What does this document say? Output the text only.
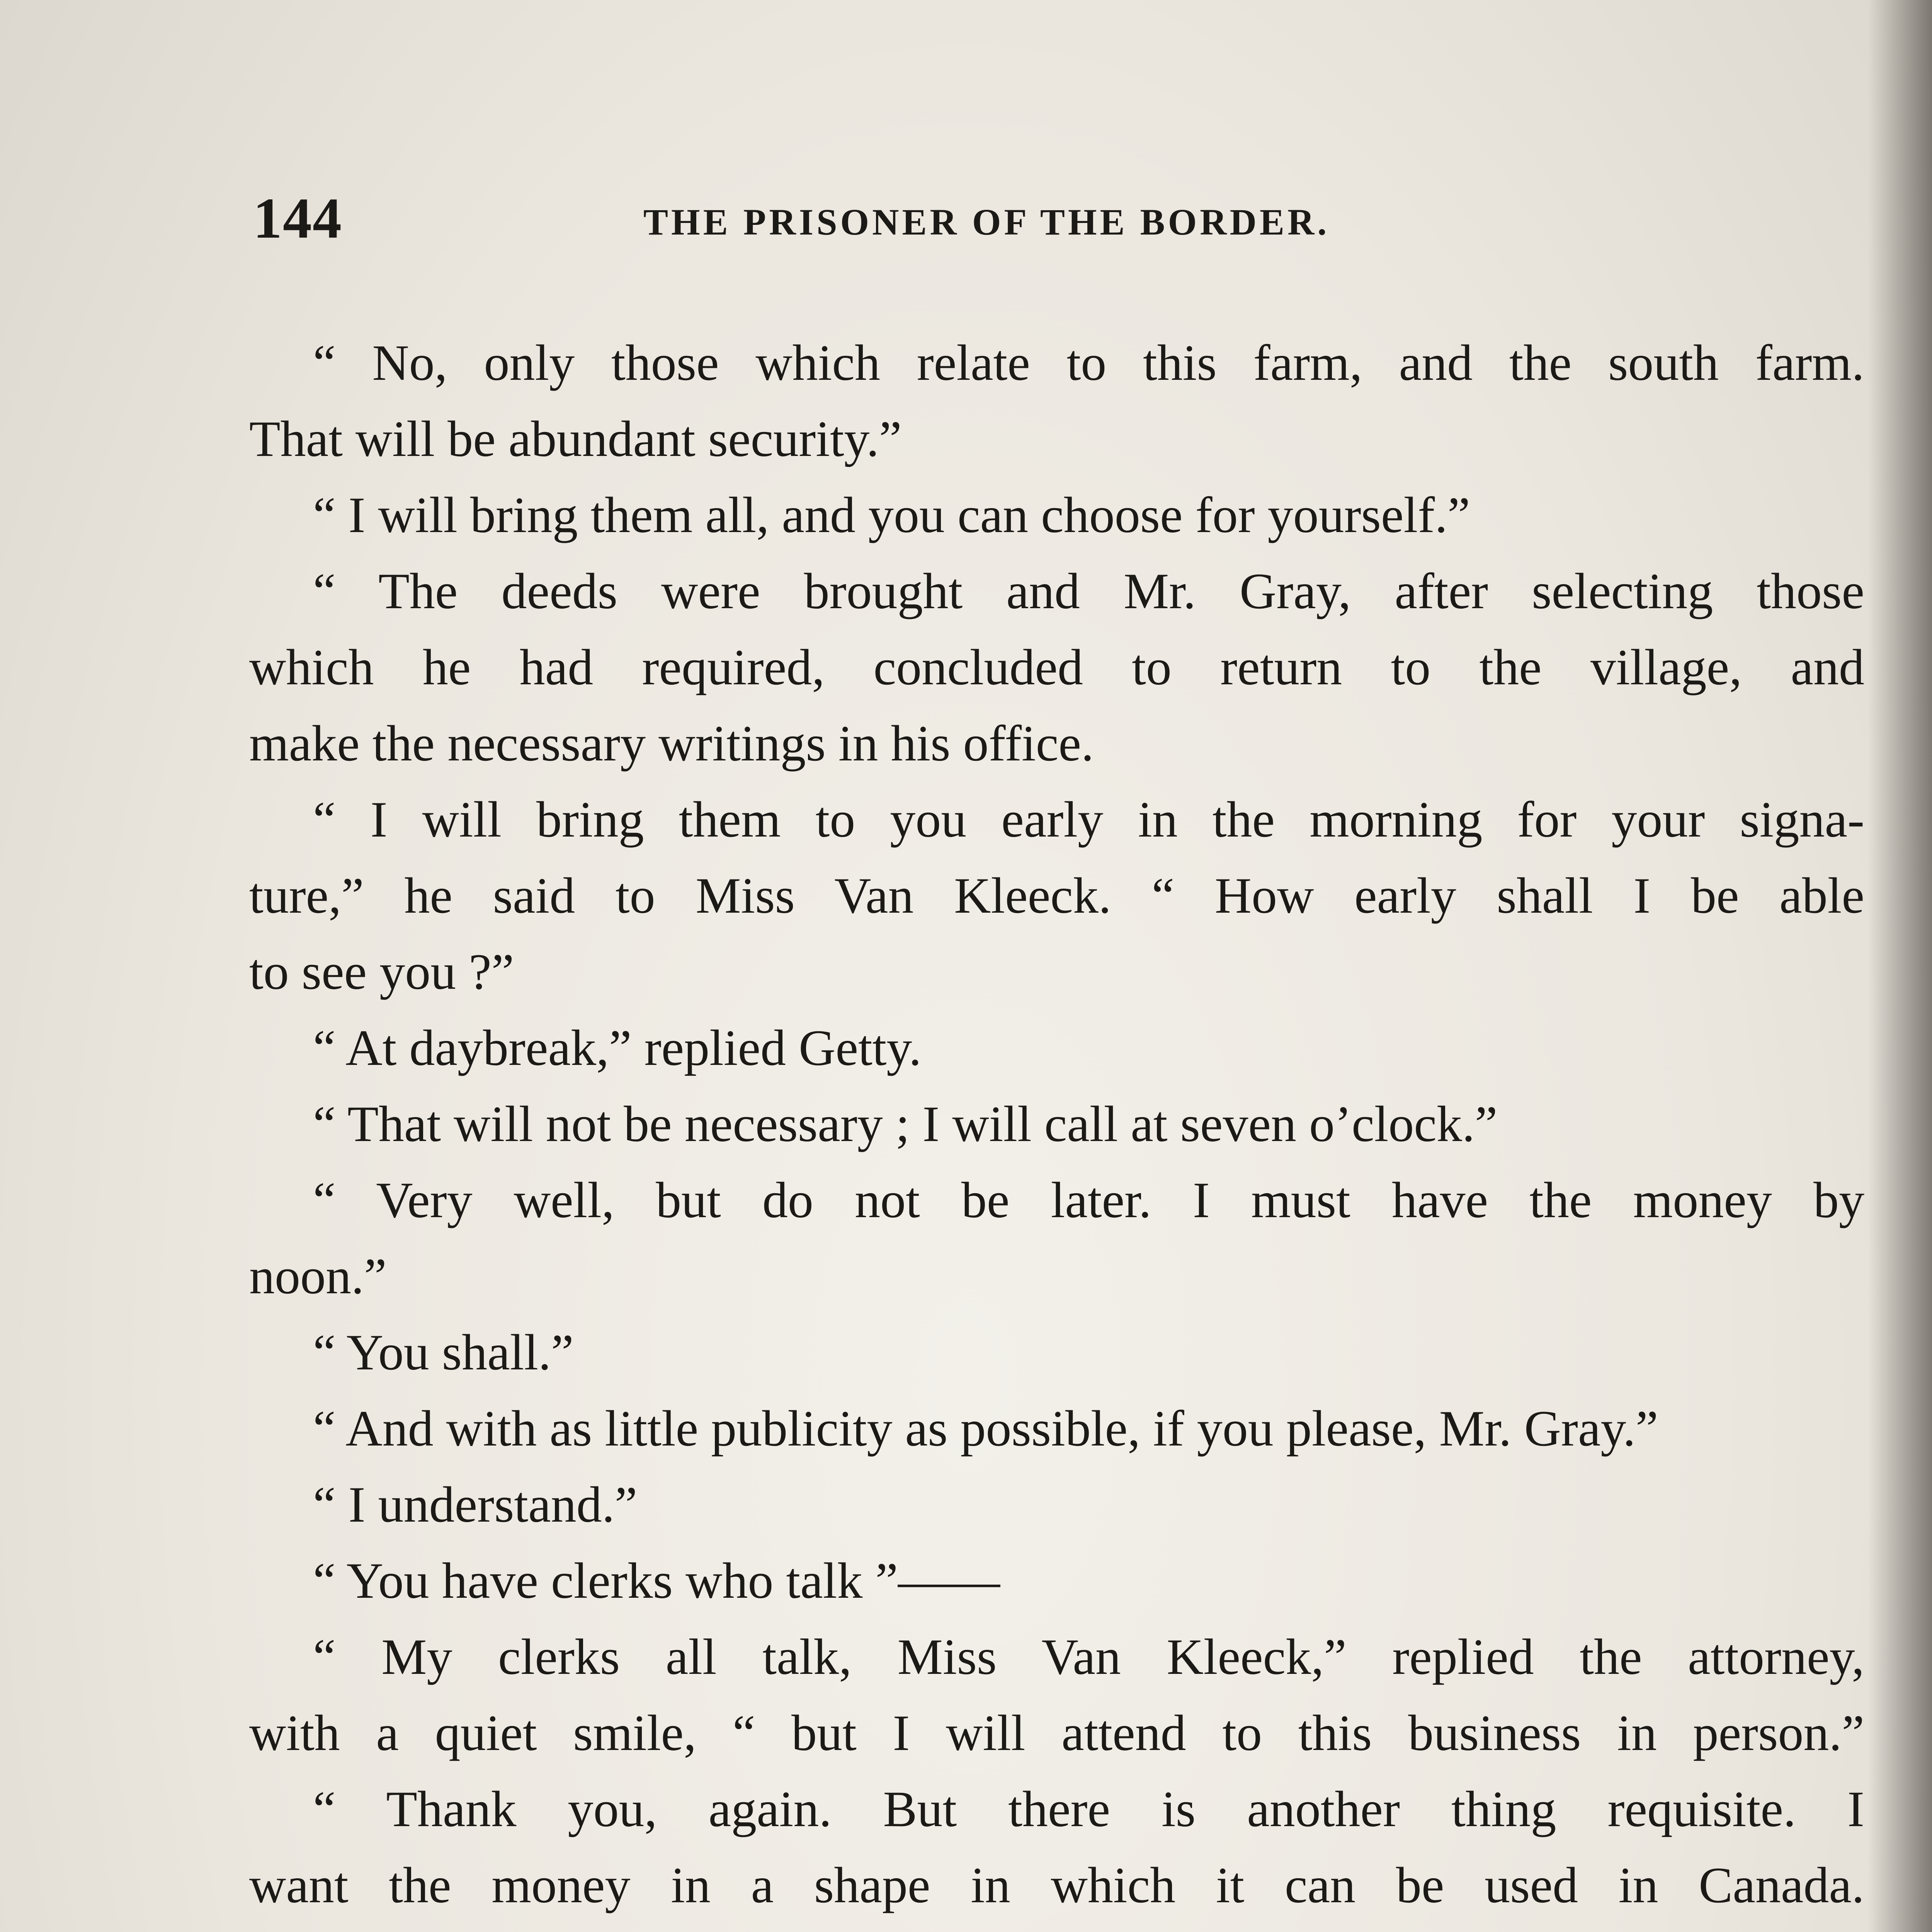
144	THE PRISONER OF THE BORDER.
“ No, only those which relate to this farm, and the south farm.
That will be abundant security.”
“ I will bring them all, and you can choose for yourself.”
“ The deeds were brought and Mr. Gray, after selecting those
which he had required, concluded to return to the village, and
make the necessary writings in his office.
“ I will bring them to you early in the morning for your signa-
ture,” he said to Miss Van Kleeck. “ How early shall I be able
to see you ?”
“ At daybreak,” replied Getty.
“ That will not be necessary ; I will call at seven o’clock.”
“ Very well, but do not be later. I must have the money by
noon.”
“ You shall.”
“ And with as little publicity as possible, if you please, Mr. Gray.”
“ I understand.”
“ You have clerks who talk ”——
“ My clerks all talk, Miss Van Kleeck,” replied the attorney,
with a quiet smile, “ but I will attend to this business in person.”
“ Thank you, again. But there is another thing requisite. I
want the money in a shape in which it can be used in Canada.
